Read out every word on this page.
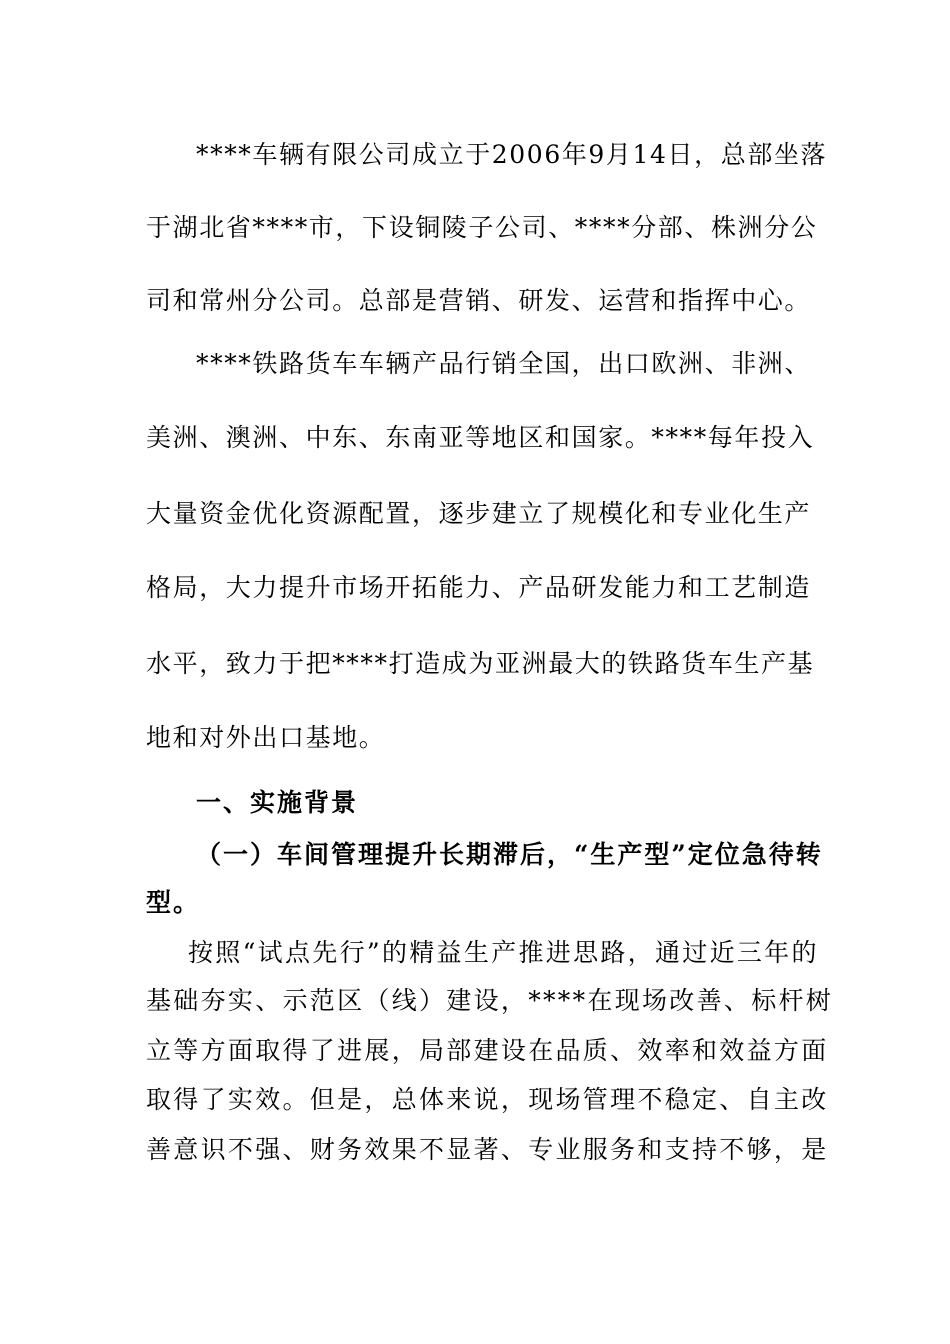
****车辆有限公司成立于2006年9月14日，总部坐落
于湖北省****市，下设铜陵子公司、****分部、株洲分公
司和常州分公司。总部是营销、研发、运营和指挥中心。
****铁路货车车辆产品行销全国，出口欧洲、非洲、
美洲、澳洲、中东、东南亚等地区和国家。****每年投入
大量资金优化资源配置，逐步建立了规模化和专业化生产
格局，大力提升市场开拓能力、产品研发能力和工艺制造
水平，致力于把****打造成为亚洲最大的铁路货车生产基
地和对外出口基地。
一、实施背景
（一）车间管理提升长期滞后，“生产型”定位急待转
型。
按照“试点先行”的精益生产推进思路，通过近三年的
基础夯实、示范区（线）建设，****在现场改善、标杆树
立等方面取得了进展，局部建设在品质、效率和效益方面
取得了实效。但是，总体来说，现场管理不稳定、自主改
善意识不强、财务效果不显著、专业服务和支持不够，是
